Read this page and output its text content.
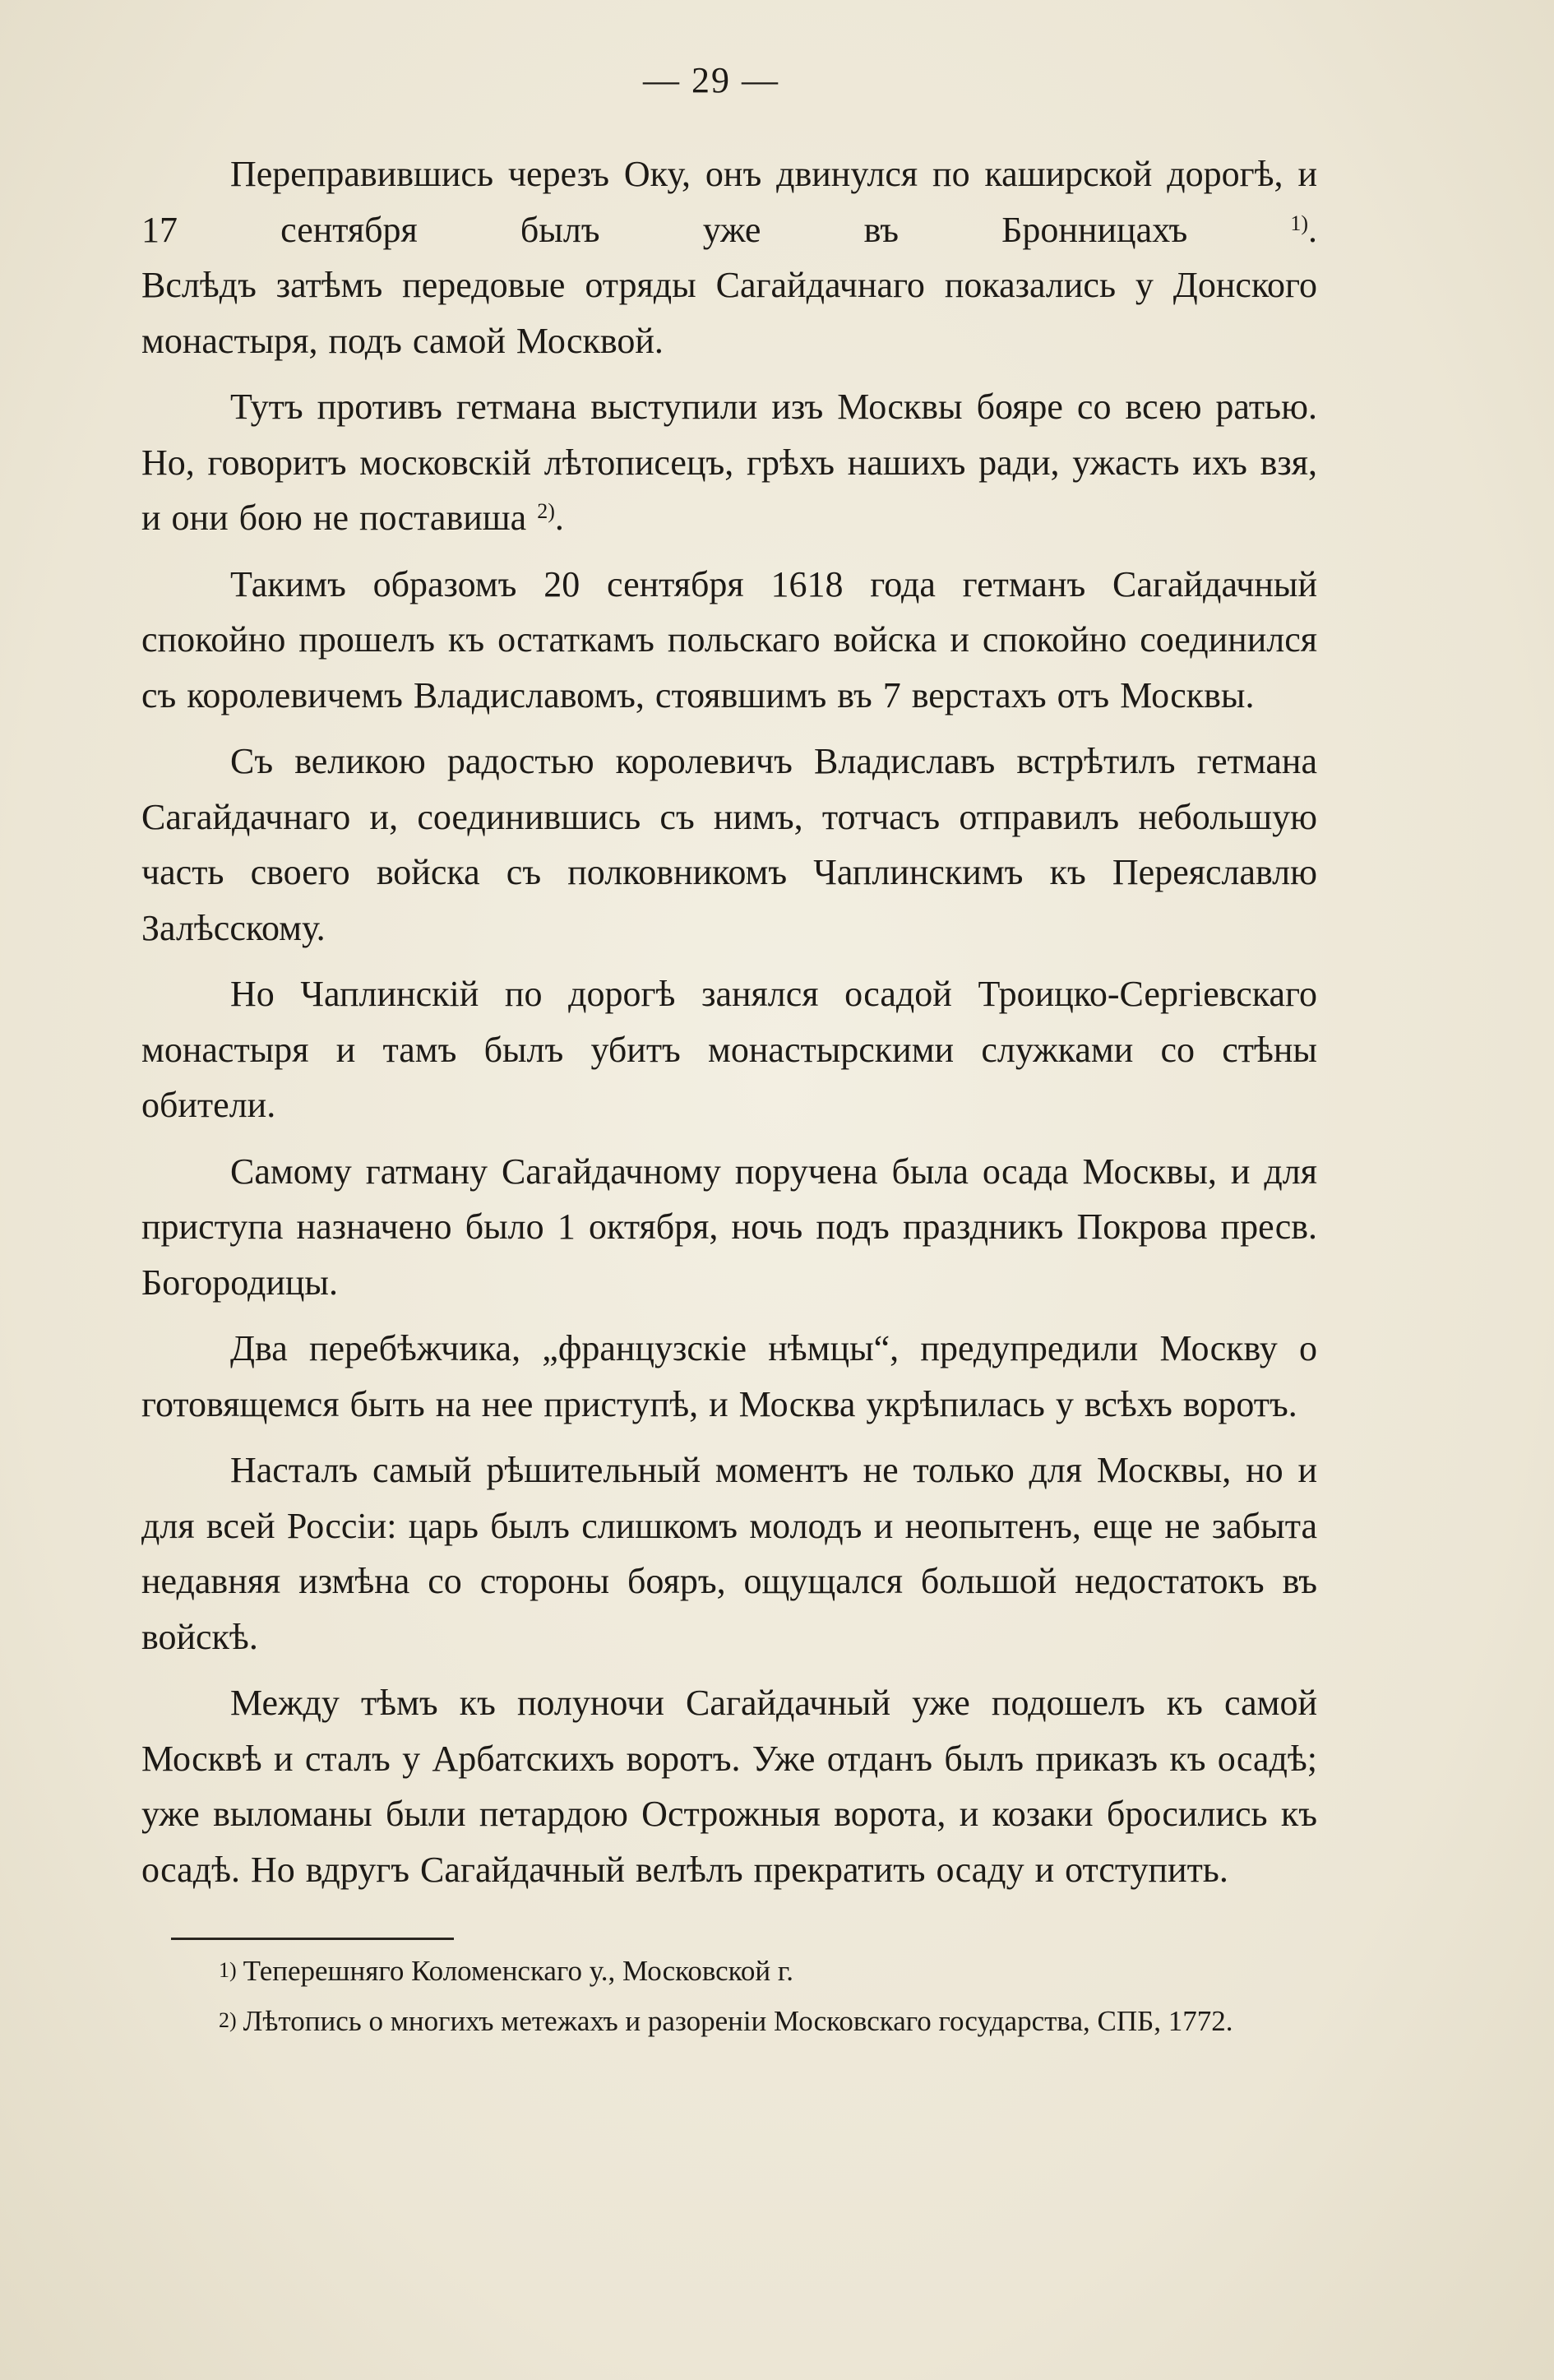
— 29 —

Переправившись черезъ Оку, онъ двинулся по каширской дорогѣ, и 17 сентября былъ уже въ Бронницахъ	$^{1)}$.

Вслѣдъ затѣмъ передовые отряды Сагайдачнаго показались у Донского монастыря, подъ самой Москвой.

Тутъ противъ гетмана выступили изъ Москвы бояре со всею ратью. Но, говоритъ московскій лѣтописецъ, грѣхъ нашихъ ради, ужасть ихъ взя, и они бою не поставиша $^{2)}$.

Такимъ образомъ 20 сентября 1618 года гетманъ Сагайдачный спокойно прошелъ къ остаткамъ польскаго войска и спокойно соединился съ королевичемъ Владиславомъ, стоявшимъ въ 7 верстахъ отъ Москвы.

Съ великою радостью королевичъ Владиславъ встрѣтилъ гетмана Сагайдачнаго и, соединившись съ нимъ, тотчасъ отправилъ небольшую часть своего войска съ полковникомъ Чаплинскимъ къ Переяславлю Залѣсскому.

Но Чаплинскій по дорогѣ занялся осадой Троицко-Сергіевскаго монастыря и тамъ былъ убитъ монастырскими служками со стѣны обители.

Самому гатману Сагайдачному поручена была осада Москвы, и для приступа назначено было 1 октября, ночь подъ праздникъ Покрова пресв. Богородицы.

Два перебѣжчика, „французскіе нѣмцы“, предупредили Москву о готовящемся быть на нее приступѣ, и Москва укрѣпилась у всѣхъ воротъ.

Насталъ самый рѣшительный моментъ не только для Москвы, но и для всей Россіи: царь былъ слишкомъ молодъ и неопытенъ, еще не забыта недавняя измѣна со стороны бояръ, ощущался большой недостатокъ въ войскѣ.

Между тѣмъ къ полуночи Сагайдачный уже подошелъ къ самой Москвѣ и сталъ у Арбатскихъ воротъ. Уже отданъ былъ приказъ къ осадѣ; уже выломаны были петардою Острожныя ворота, и козаки бросились къ осадѣ. Но вдругъ Сагайдачный велѣлъ прекратить осаду и отступить.

1) Теперешняго Коломенскаго у., Московской г.

2) Лѣтопись о многихъ метежахъ и разореніи Московскаго государства, СПБ, 1772.
